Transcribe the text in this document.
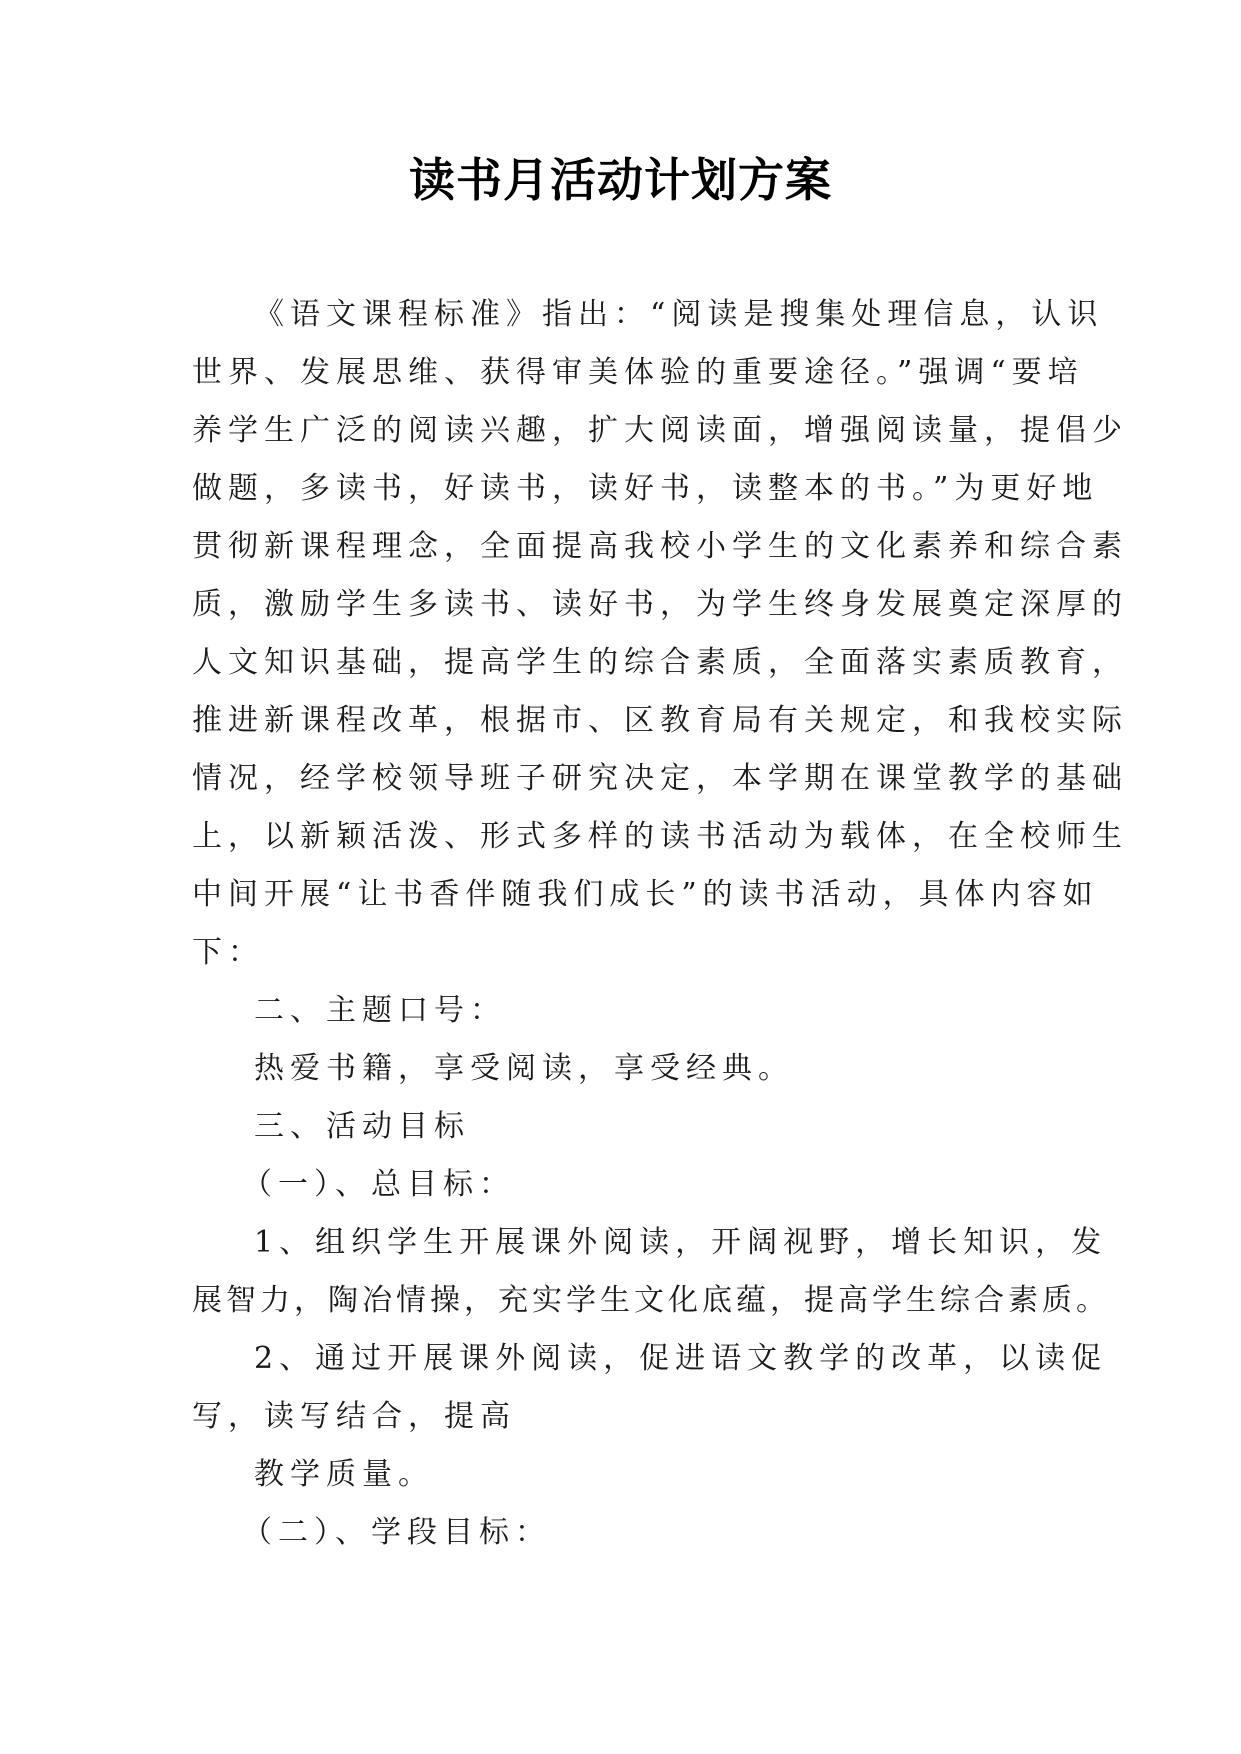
读书月活动计划方案
《语文课程标准》指出：“阅读是搜集处理信息，认识
世界、发展思维、获得审美体验的重要途径。”强调“要培
养学生广泛的阅读兴趣，扩大阅读面，增强阅读量，提倡少
做题，多读书，好读书，读好书，读整本的书。”为更好地
贯彻新课程理念，全面提高我校小学生的文化素养和综合素
质，激励学生多读书、读好书，为学生终身发展奠定深厚的
人文知识基础，提高学生的综合素质，全面落实素质教育，
推进新课程改革，根据市、区教育局有关规定，和我校实际
情况，经学校领导班子研究决定，本学期在课堂教学的基础
上，以新颖活泼、形式多样的读书活动为载体，在全校师生
中间开展“让书香伴随我们成长”的读书活动，具体内容如
下：
二、主题口号：
热爱书籍，享受阅读，享受经典。
三、活动目标
（一）、总目标：
1、组织学生开展课外阅读，开阔视野，增长知识，发
展智力，陶冶情操，充实学生文化底蕴，提高学生综合素质。
2、通过开展课外阅读，促进语文教学的改革，以读促
写，读写结合，提高
教学质量。
（二）、学段目标：
